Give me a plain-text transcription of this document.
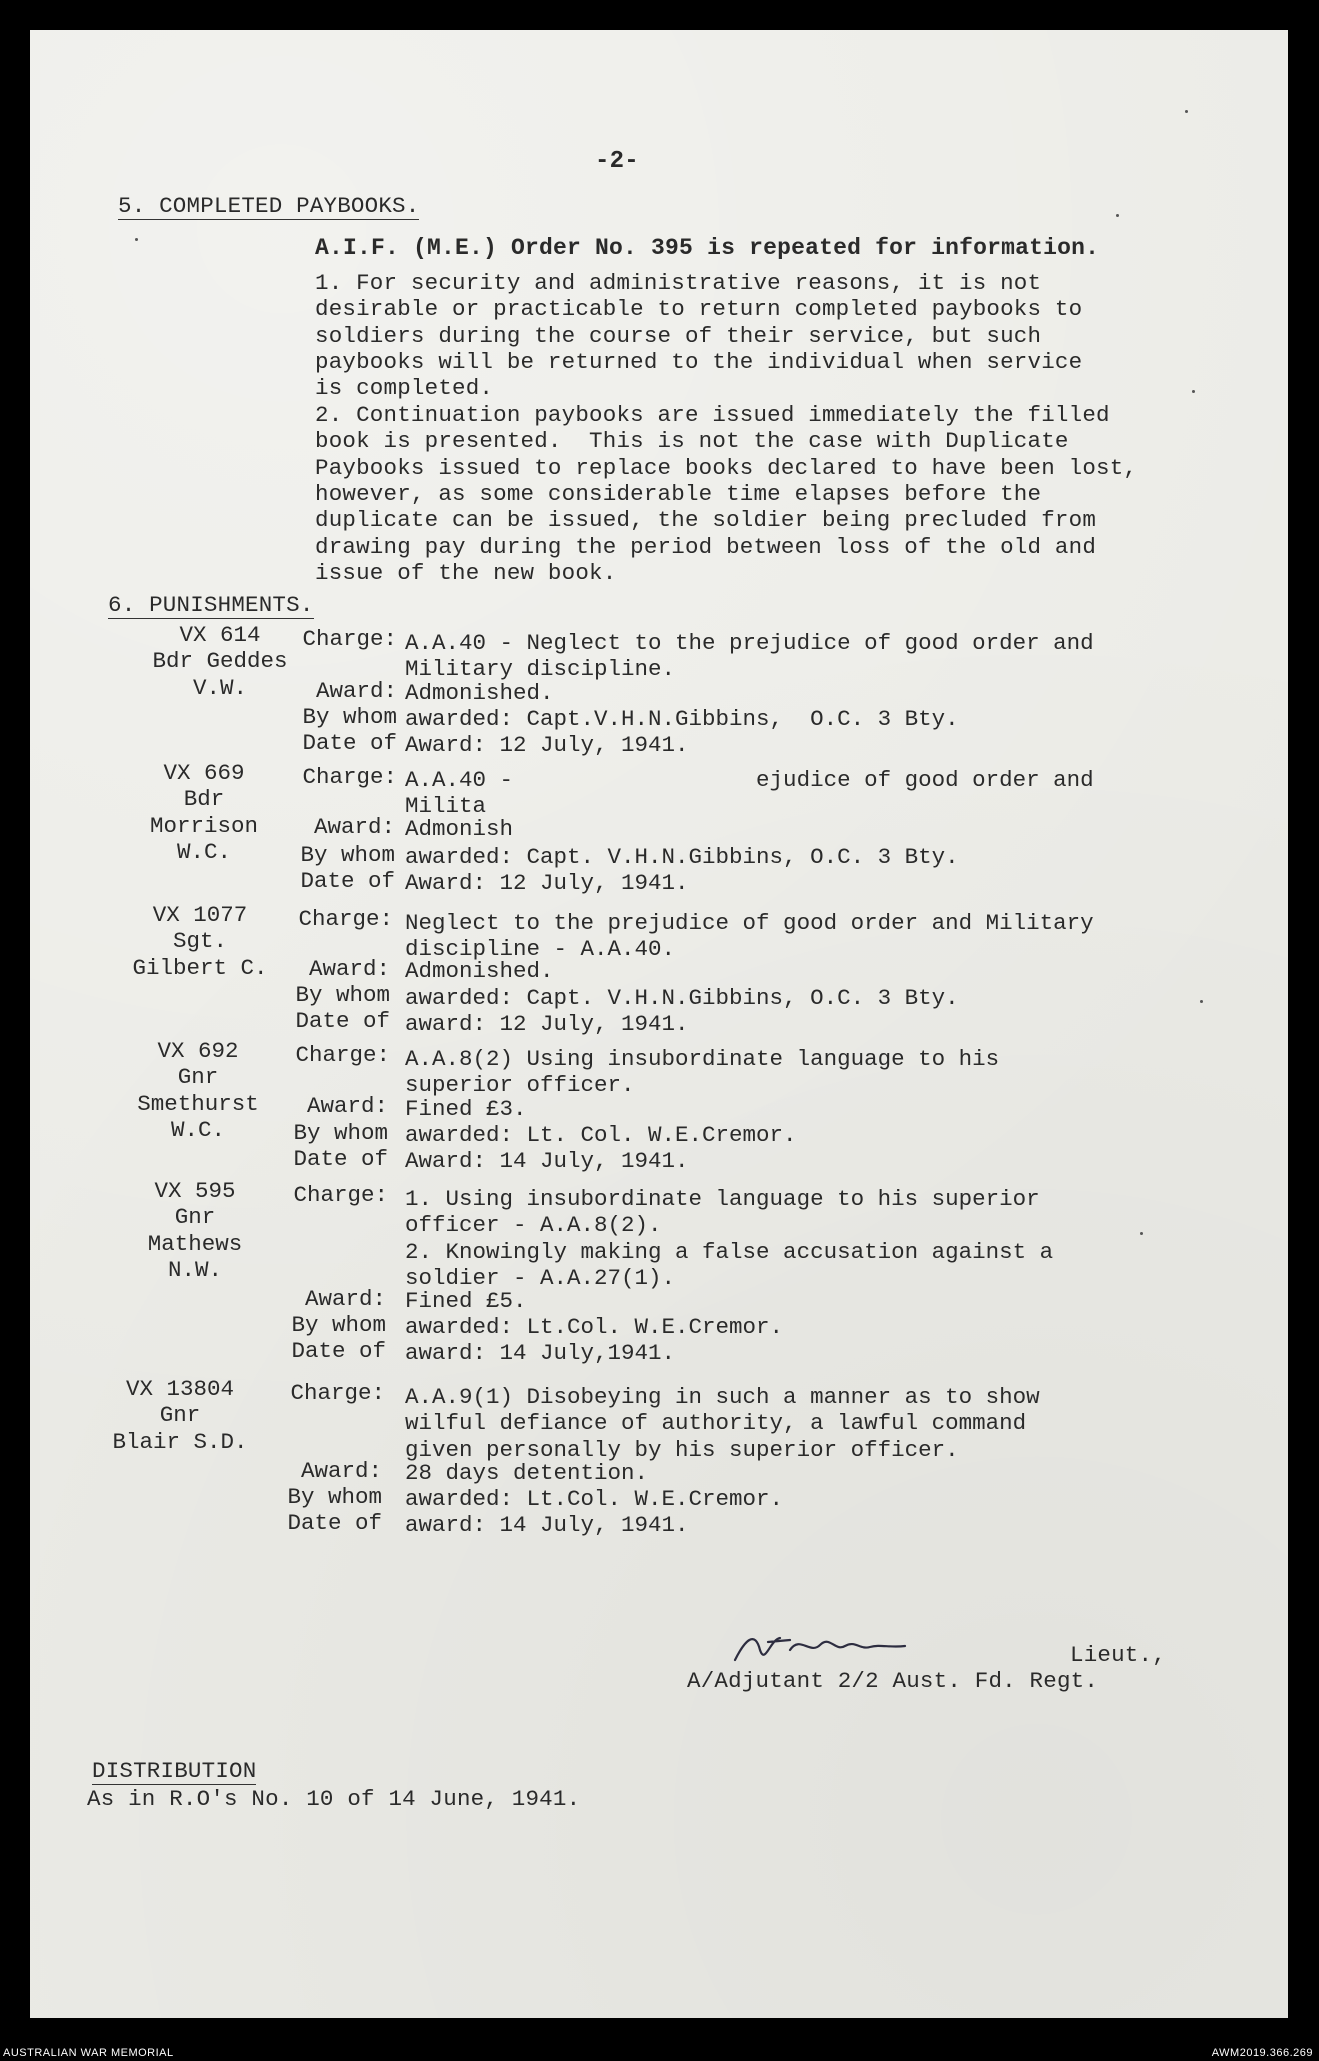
-2-
5. COMPLETED PAYBOOKS.
A.I.F. (M.E.) Order No. 395 is repeated for information.
1. For security and administrative reasons, it is not
desirable or practicable to return completed paybooks to
soldiers during the course of their service, but such
paybooks will be returned to the individual when service
is completed.
2. Continuation paybooks are issued immediately the filled
book is presented.  This is not the case with Duplicate
Paybooks issued to replace books declared to have been lost,
however, as some considerable time elapses before the
duplicate can be issued, the soldier being precluded from
drawing pay during the period between loss of the old and
issue of the new book.
6. PUNISHMENTS.
VX 614
Bdr Geddes
V.W.
Charge: A.A.40 - Neglect to the prejudice of good order and
Military discipline.
Award: Admonished.
By whom awarded: Capt.V.H.N.Gibbins,  O.C. 3 Bty.
Date of Award: 12 July, 1941.
VX 669
Bdr
Morrison
W.C.
Charge: A.A.40 -                  ejudice of good order and
Milita
Award: Admonish
By whom awarded: Capt. V.H.N.Gibbins, O.C. 3 Bty.
Date of Award: 12 July, 1941.
VX 1077
Sgt.
Gilbert C.
Charge: Neglect to the prejudice of good order and Military
discipline - A.A.40.
Award: Admonished.
By whom awarded: Capt. V.H.N.Gibbins, O.C. 3 Bty.
Date of award: 12 July, 1941.
VX 692
Gnr
Smethurst
W.C.
Charge: A.A.8(2) Using insubordinate language to his
superior officer.
Award: Fined £3.
By whom awarded: Lt. Col. W.E.Cremor.
Date of Award: 14 July, 1941.
VX 595
Gnr
Mathews
N.W.
Charge: 1. Using insubordinate language to his superior
officer - A.A.8(2).
2. Knowingly making a false accusation against a
soldier - A.A.27(1).
Award: Fined £5.
By whom awarded: Lt.Col. W.E.Cremor.
Date of award: 14 July,1941.
VX 13804
Gnr
Blair S.D.
Charge: A.A.9(1) Disobeying in such a manner as to show
wilful defiance of authority, a lawful command
given personally by his superior officer.
Award: 28 days detention.
By whom awarded: Lt.Col. W.E.Cremor.
Date of award: 14 July, 1941.
Lieut.,
A/Adjutant 2/2 Aust. Fd. Regt.
DISTRIBUTION
As in R.O's No. 10 of 14 June, 1941.
AUSTRALIAN WAR MEMORIAL	AWM2019.366.269
